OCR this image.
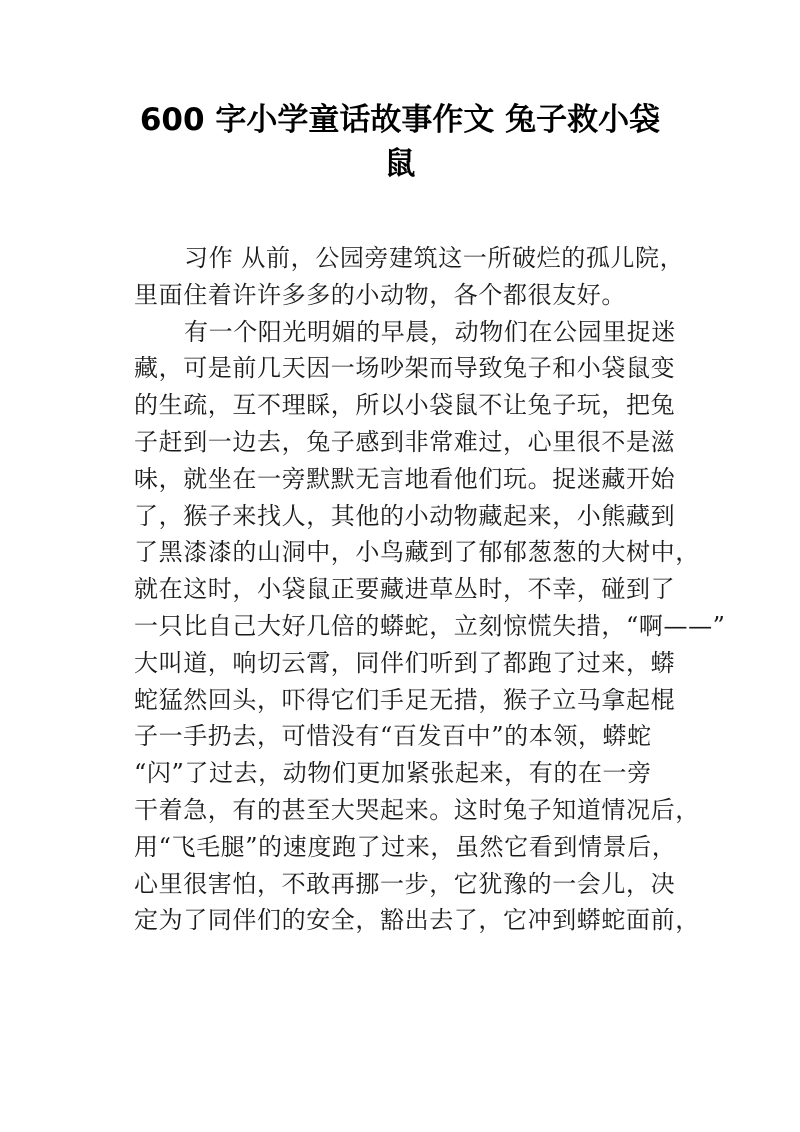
600 字小学童话故事作文 兔子救小袋
鼠
习作 从前，公园旁建筑这一所破烂的孤儿院，
里面住着许许多多的小动物，各个都很友好。
有一个阳光明媚的早晨，动物们在公园里捉迷
藏，可是前几天因一场吵架而导致兔子和小袋鼠变
的生疏，互不理睬，所以小袋鼠不让兔子玩，把兔
子赶到一边去，兔子感到非常难过，心里很不是滋
味，就坐在一旁默默无言地看他们玩。捉迷藏开始
了，猴子来找人，其他的小动物藏起来，小熊藏到
了黑漆漆的山洞中，小鸟藏到了郁郁葱葱的大树中，
就在这时，小袋鼠正要藏进草丛时，不幸，碰到了
一只比自己大好几倍的蟒蛇，立刻惊慌失措，“啊——”
大叫道，响切云霄，同伴们听到了都跑了过来，蟒
蛇猛然回头，吓得它们手足无措，猴子立马拿起棍
子一手扔去，可惜没有“百发百中”的本领，蟒蛇
“闪”了过去，动物们更加紧张起来，有的在一旁
干着急，有的甚至大哭起来。这时兔子知道情况后，
用“飞毛腿”的速度跑了过来，虽然它看到情景后，
心里很害怕，不敢再挪一步，它犹豫的一会儿，决
定为了同伴们的安全，豁出去了，它冲到蟒蛇面前，
